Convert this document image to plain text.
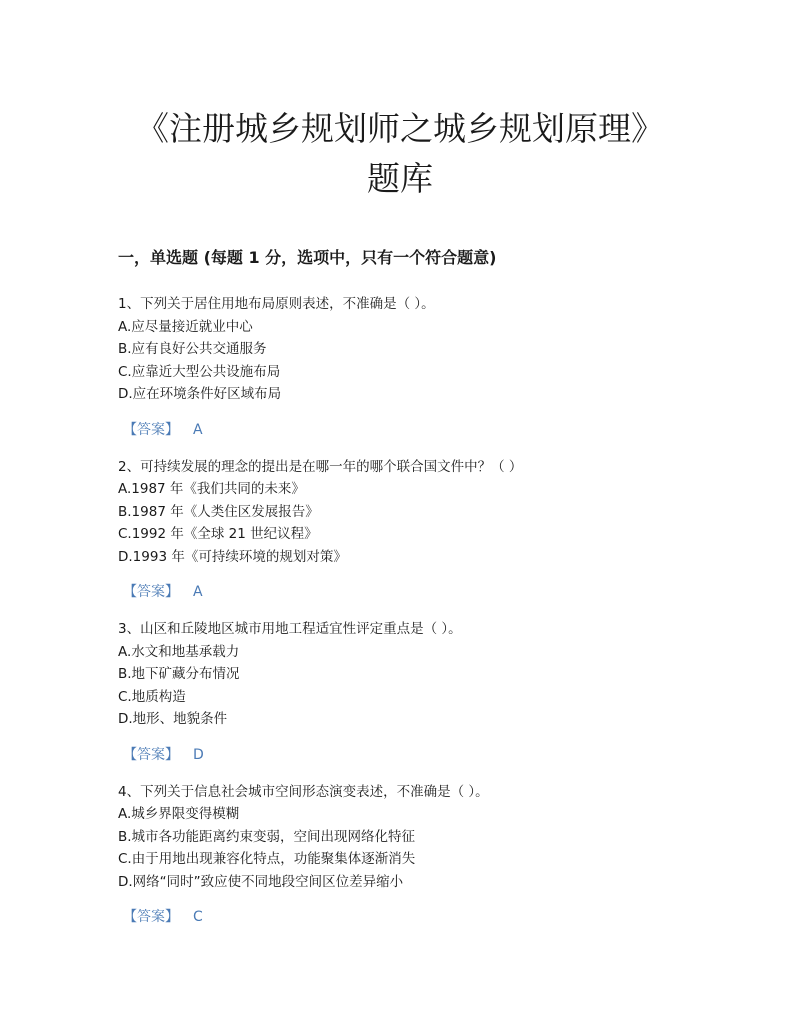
《注册城乡规划师之城乡规划原理》
题库
一，单选题 (每题 1 分，选项中，只有一个符合题意)
1、下列关于居住用地布局原则表述，不准确是（ ）。
A.应尽量接近就业中心
B.应有良好公共交通服务
C.应靠近大型公共设施布局
D.应在环境条件好区域布局
【答案】 A
2、可持续发展的理念的提出是在哪一年的哪个联合国文件中？（ ）
A.1987 年《我们共同的未来》
B.1987 年《人类住区发展报告》
C.1992 年《全球 21 世纪议程》
D.1993 年《可持续环境的规划对策》
【答案】 A
3、山区和丘陵地区城市用地工程适宜性评定重点是（ ）。
A.水文和地基承载力
B.地下矿藏分布情况
C.地质构造
D.地形、地貌条件
【答案】 D
4、下列关于信息社会城市空间形态演变表述，不准确是（ ）。
A.城乡界限变得模糊
B.城市各功能距离约束变弱，空间出现网络化特征
C.由于用地出现兼容化特点，功能聚集体逐渐消失
D.网络“同时”致应使不同地段空间区位差异缩小
【答案】 C
